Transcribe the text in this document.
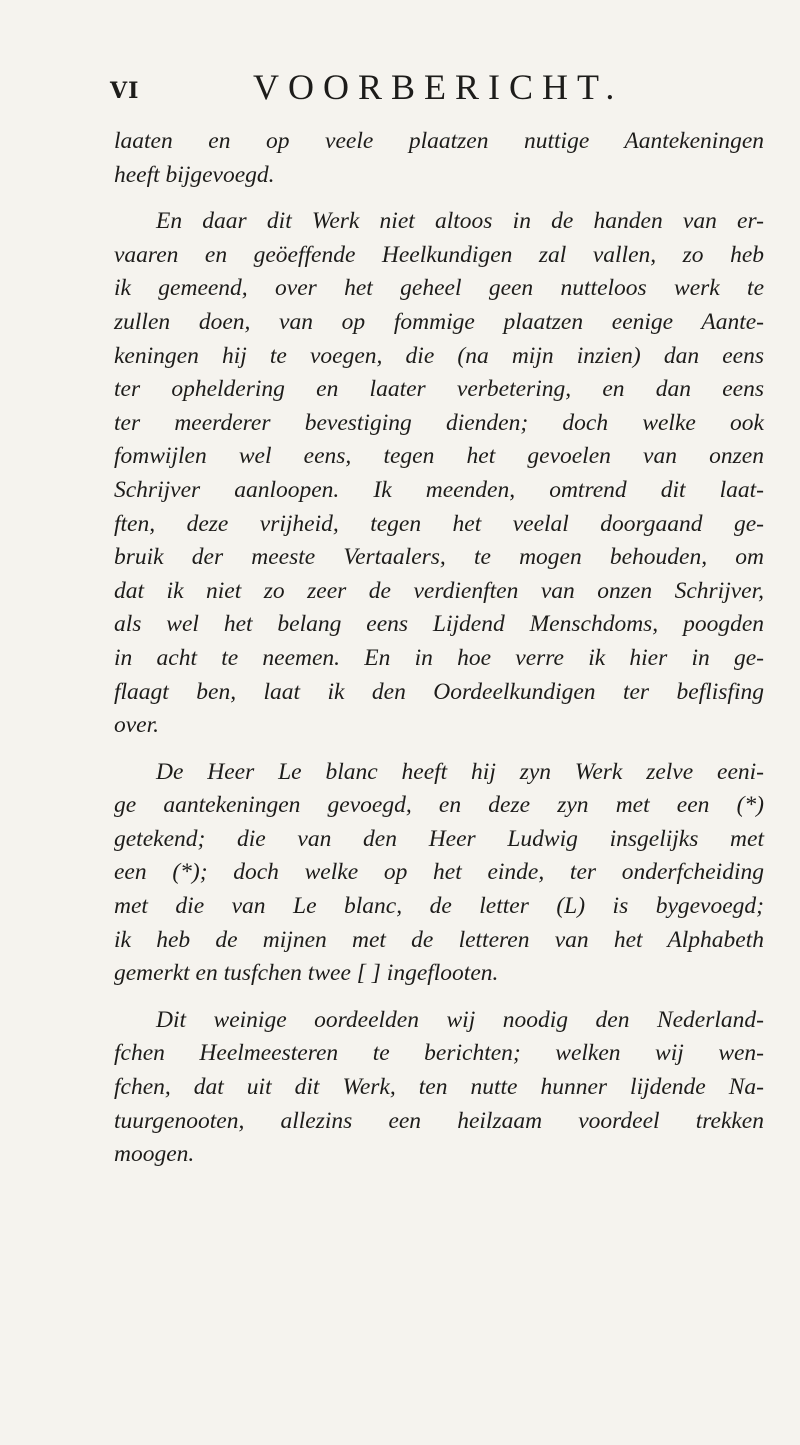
VI	VOORBERICHT.
laaten en op veele plaatzen nuttige Aantekeningen
heeft bijgevoegd.
En daar dit Werk niet altoos in de handen van er-
vaaren en geöeffende Heelkundigen zal vallen, zo heb
ik gemeend, over het geheel geen nutteloos werk te
zullen doen, van op fommige plaatzen eenige Aante-
keningen hij te voegen, die (na mijn inzien) dan eens
ter opheldering en laater verbetering, en dan eens
ter meerderer bevestiging dienden; doch welke ook
fomwijlen wel eens, tegen het gevoelen van onzen
Schrijver aanloopen. Ik meenden, omtrend dit laat-
ften, deze vrijheid, tegen het veelal doorgaand ge-
bruik der meeste Vertaalers, te mogen behouden, om
dat ik niet zo zeer de verdienften van onzen Schrijver,
als wel het belang eens Lijdend Menschdoms, poogden
in acht te neemen. En in hoe verre ik hier in ge-
flaagt ben, laat ik den Oordeelkundigen ter beflisfing
over.
De Heer Le blanc heeft hij zyn Werk zelve eeni-
ge aantekeningen gevoegd, en deze zyn met een (*)
getekend; die van den Heer Ludwig insgelijks met
een (*); doch welke op het einde, ter onderfcheiding
met die van Le blanc, de letter (L) is bygevoegd;
ik heb de mijnen met de letteren van het Alphabeth
gemerkt en tusfchen twee [ ] ingeflooten.
Dit weinige oordeelden wij noodig den Nederland-
fchen Heelmeesteren te berichten; welken wij wen-
fchen, dat uit dit Werk, ten nutte hunner lijdende Na-
tuurgenooten, allezins een heilzaam voordeel trekken
moogen.
